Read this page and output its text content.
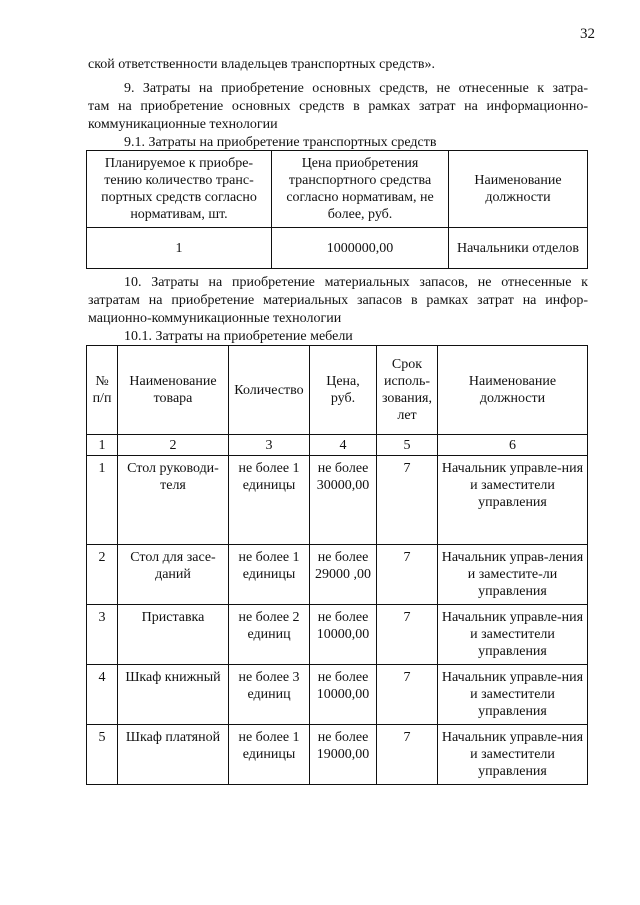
32
ской ответственности владельцев транспортных средств».
9. Затраты на приобретение основных средств, не отнесенные к затра-
там на приобретение основных средств в рамках затрат на информационно-
коммуникационные технологии
9.1. Затраты на приобретение транспортных средств
Планируемое к приобре-тению количество транс-портных средств согласно нормативам, шт.	Цена приобретения транспортного средства согласно нормативам, не более, руб.	Наименование должности
1	1000000,00	Начальники отделов
10. Затраты на приобретение материальных запасов, не отнесенные к
затратам на приобретение материальных запасов в рамках затрат на инфор-
мационно-коммуникационные технологии
10.1. Затраты на приобретение мебели
№ п/п	Наименование товара	Количество	Цена, руб.	Срок исполь-зования, лет	Наименование должности
1	2	3	4	5	6
1	Стол руководи-теля	не более 1 единицы	не более 30000,00	7	Начальник управле-ния и заместители управления
2	Стол для засе-даний	не более 1 единицы	не более 29000 ,00	7	Начальник управ-ления и заместите-ли управления
3	Приставка	не более 2 единиц	не более 10000,00	7	Начальник управле-ния и заместители управления
4	Шкаф книжный	не более 3 единиц	не более 10000,00	7	Начальник управле-ния и заместители управления
5	Шкаф платяной	не более 1 единицы	не более 19000,00	7	Начальник управле-ния и заместители управления
